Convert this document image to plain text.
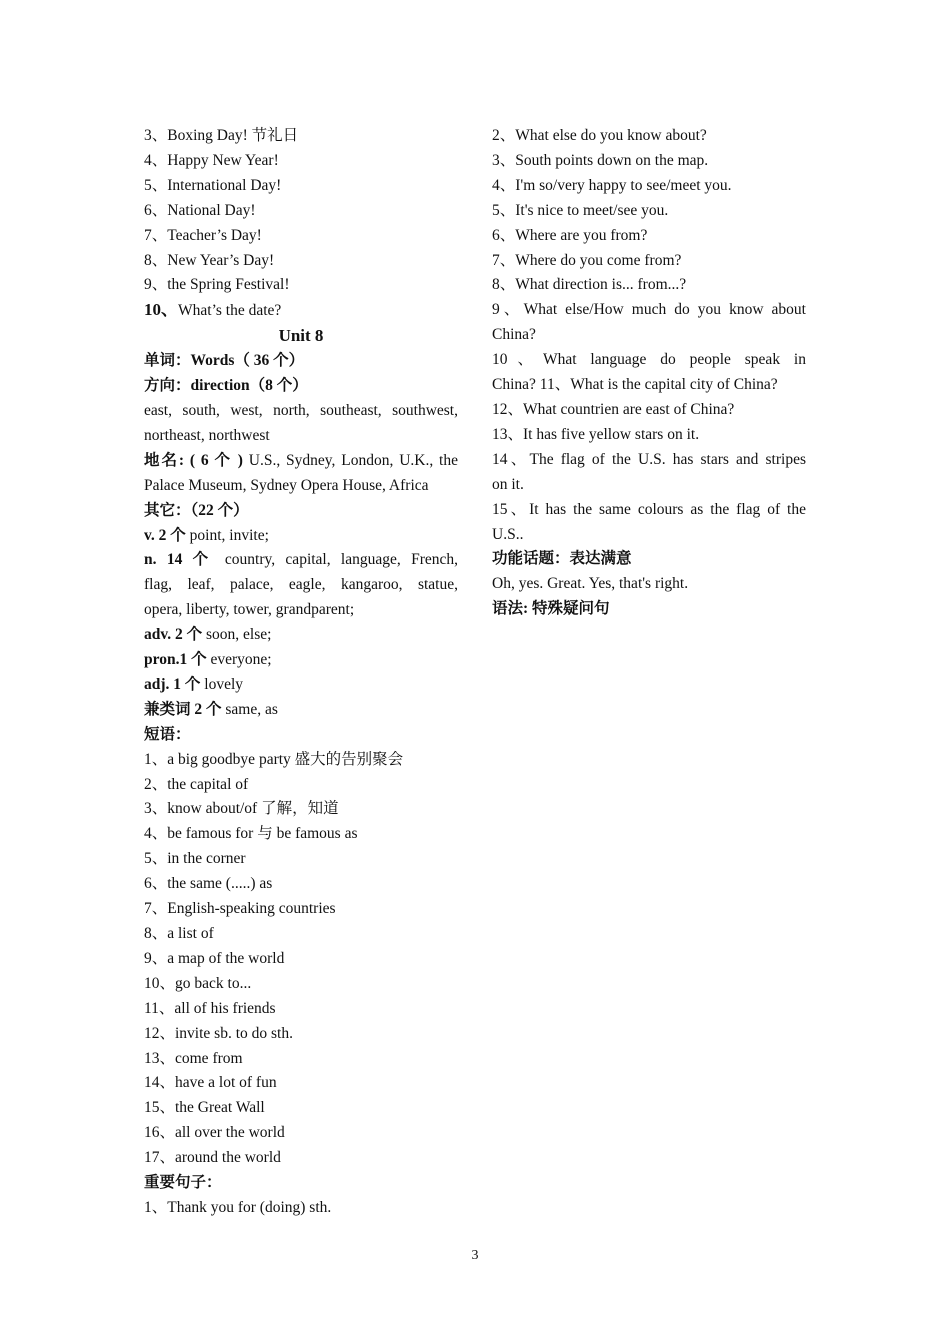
3、Boxing Day! 节礼日
4、Happy New Year!
5、International Day!
6、National Day!
7、Teacher’s Day!
8、New Year’s Day!
9、the Spring Festival!
10、What’s the date?
Unit 8
单词：Words（ 36 个）
方向：direction（8 个）
east, south, west, north, southeast, southwest,
northeast, northwest
地名: ( 6 个 ) U.S., Sydney, London, U.K., the
Palace Museum, Sydney Opera House, Africa
其它：（22 个）
v. 2 个 point, invite;
n. 14 个 country, capital, language, French,
flag, leaf, palace, eagle, kangaroo, statue,
opera, liberty, tower, grandparent;
adv. 2 个 soon, else;
pron.1 个 everyone;
adj. 1 个 lovely
兼类词 2 个 same, as
短语：
1、a big goodbye party 盛大的告别聚会
2、the capital of
3、know about/of 了解，知道
4、be famous for 与 be famous as
5、in the corner
6、the same (.....) as
7、English-speaking countries
8、a list of
9、a map of the world
10、go back to...
11、all of his friends
12、invite sb. to do sth.
13、come from
14、have a lot of fun
15、the Great Wall
16、all over the world
17、around the world
重要句子：
1、Thank you for (doing) sth.
2、What else do you know about?
3、South points down on the map.
4、I'm so/very happy to see/meet you.
5、It's nice to meet/see you.
6、Where are you from?
7、Where do you come from?
8、What direction is... from...?
9、What else/How much do you know about
China?
10、What language do people speak in
China? 11、What is the capital city of China?
12、What countrien are east of China?
13、It has five yellow stars on it.
14、The flag of the U.S. has stars and stripes
on it.
15、It has the same colours as the flag of the
U.S..
功能话题：表达满意
Oh, yes. Great. Yes, that's right.
语法: 特殊疑问句
3
